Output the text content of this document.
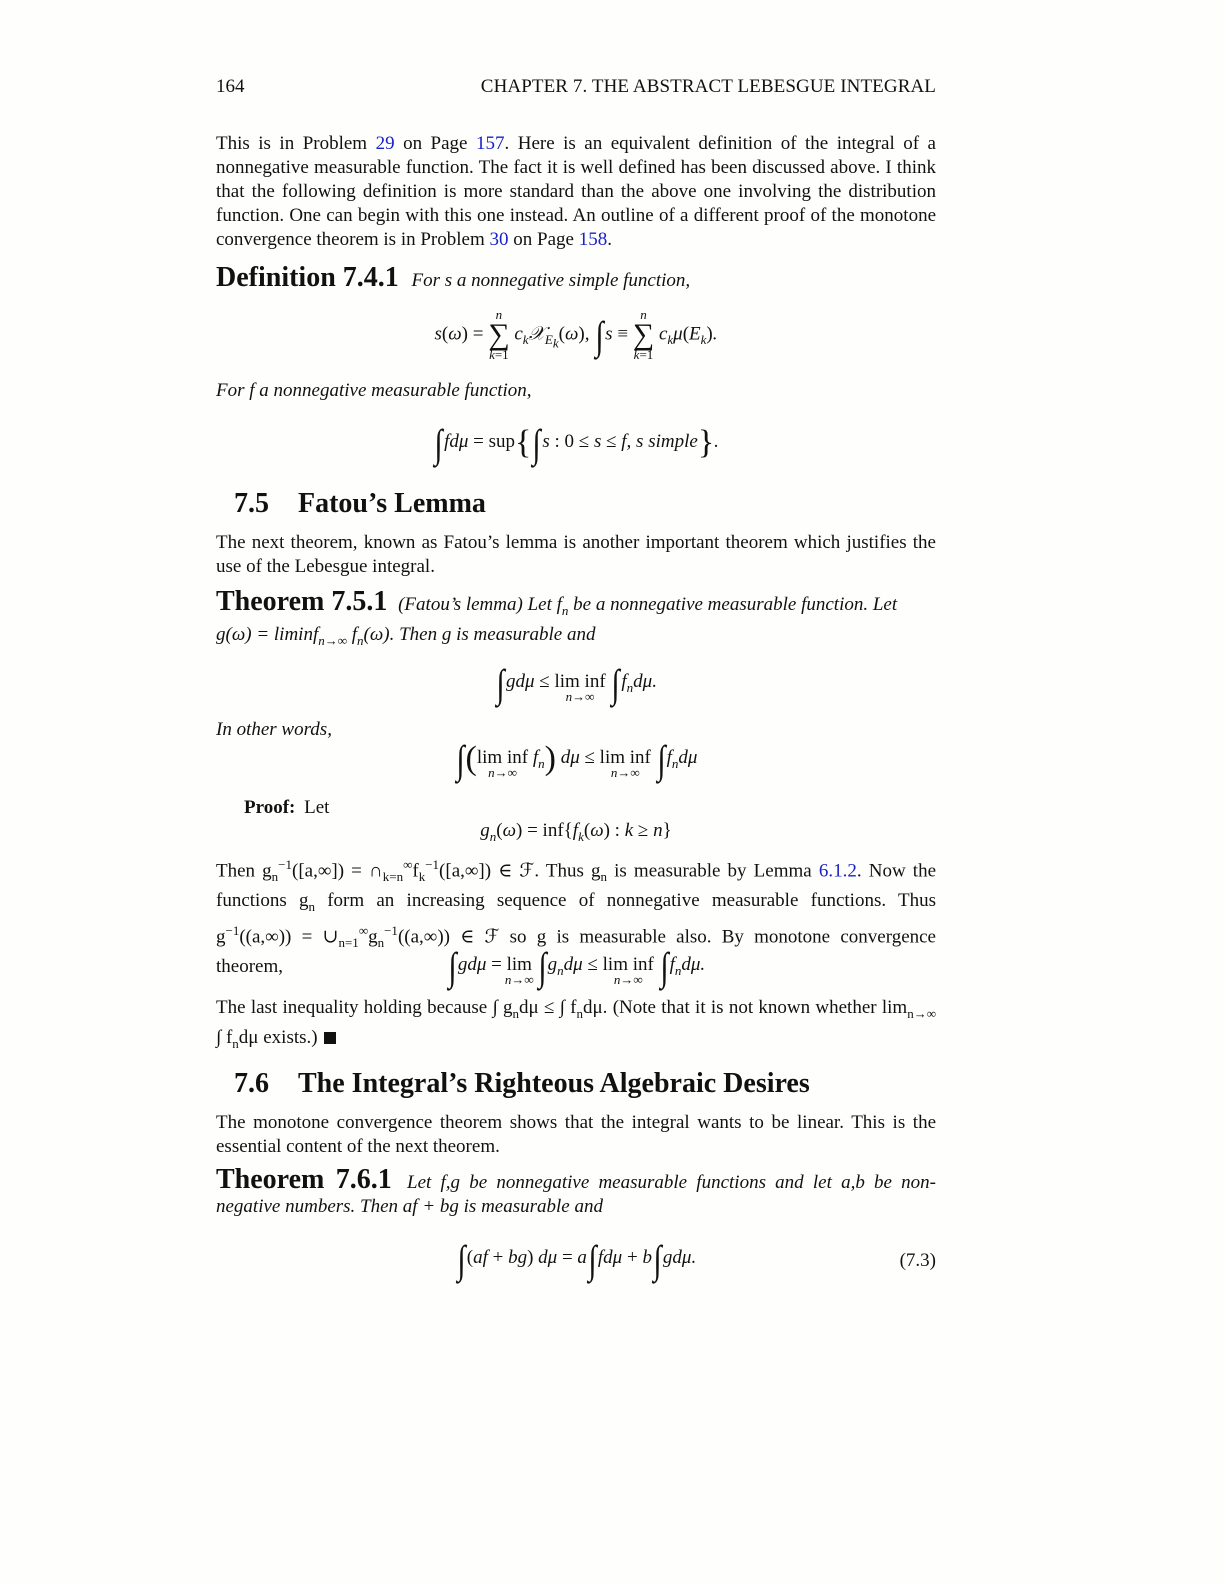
164	CHAPTER 7. THE ABSTRACT LEBESGUE INTEGRAL

This is in Problem 29 on Page 157. Here is an equivalent definition of the integral of a nonnegative measurable function. The fact it is well defined has been discussed above. I think that the following definition is more standard than the above one involving the distribution function. One can begin with this one instead. An outline of a different proof of the monotone convergence theorem is in Problem 30 on Page 158.

Definition 7.4.1 For s a nonnegative simple function,
s(ω) =
n
∑
k=1
$c_k𝒳_{E_k}(\omega)$, ∫s ≡
n
∑
k=1
$c_k\mu(E_k)$.
For f a nonnegative measurable function,
∫fdμ = sup{∫s : 0 ≤ s ≤ f, s simple}.
7.5 Fatou’s Lemma

The next theorem, known as Fatou’s lemma is another important theorem which justifies the use of the Lebesgue integral.

Theorem 7.5.1 (Fatou’s lemma) Let $f_n$ be a nonnegative measurable function. Let
g(ω) = liminf$_{n\to\infty}$ $f_n(\omega)$. Then g is measurable and
∫gdμ ≤ lim inf
n→∞ $\int f_nd\mu$.
In other words,
∫(lim inf
n→∞
$f_n$) dμ ≤ lim inf
n→∞ $\int f_nd\mu$
Proof: Let
$g_n(\omega) = inf\{f_k(\omega)$ : k ≥ n}

Then $g_n^{-1}([a,\infty])$ = $\cap_{k=n}^\infty f_k^{-1}([a,\infty])$ ∈ ℱ. Thus $g_n$ is measurable by Lemma 6.1.2. Now the functions $g_n$ form an increasing sequence of nonnegative measurable functions. Thus $g^{-1}((a,\infty))$ = $\cup_{n=1}^\infty g_n^{-1}((a,\infty))$ ∈ ℱ so g is measurable also. By monotone convergence theorem,	∫gdμ = lim
n→∞ $\int g_nd\mu \le \lim$ inf
n→∞ $\int f_nd\mu$.

The last inequality holding because ∫ $g_nd\mu$ ≤ ∫ $f_nd\mu$. (Note that it is not known whether $\lim_{n\to\infty}$ ∫ $f_nd\mu$ exists.)

7.6 The Integral’s Righteous Algebraic Desires

The monotone convergence theorem shows that the integral wants to be linear. This is the essential content of the next theorem.

Theorem 7.6.1 Let f,g be nonnegative measurable functions and let a,b be non-negative numbers. Then af + bg is measurable and
∫(af + bg) dμ = a∫fdμ + b∫gdμ.	(7.3)
